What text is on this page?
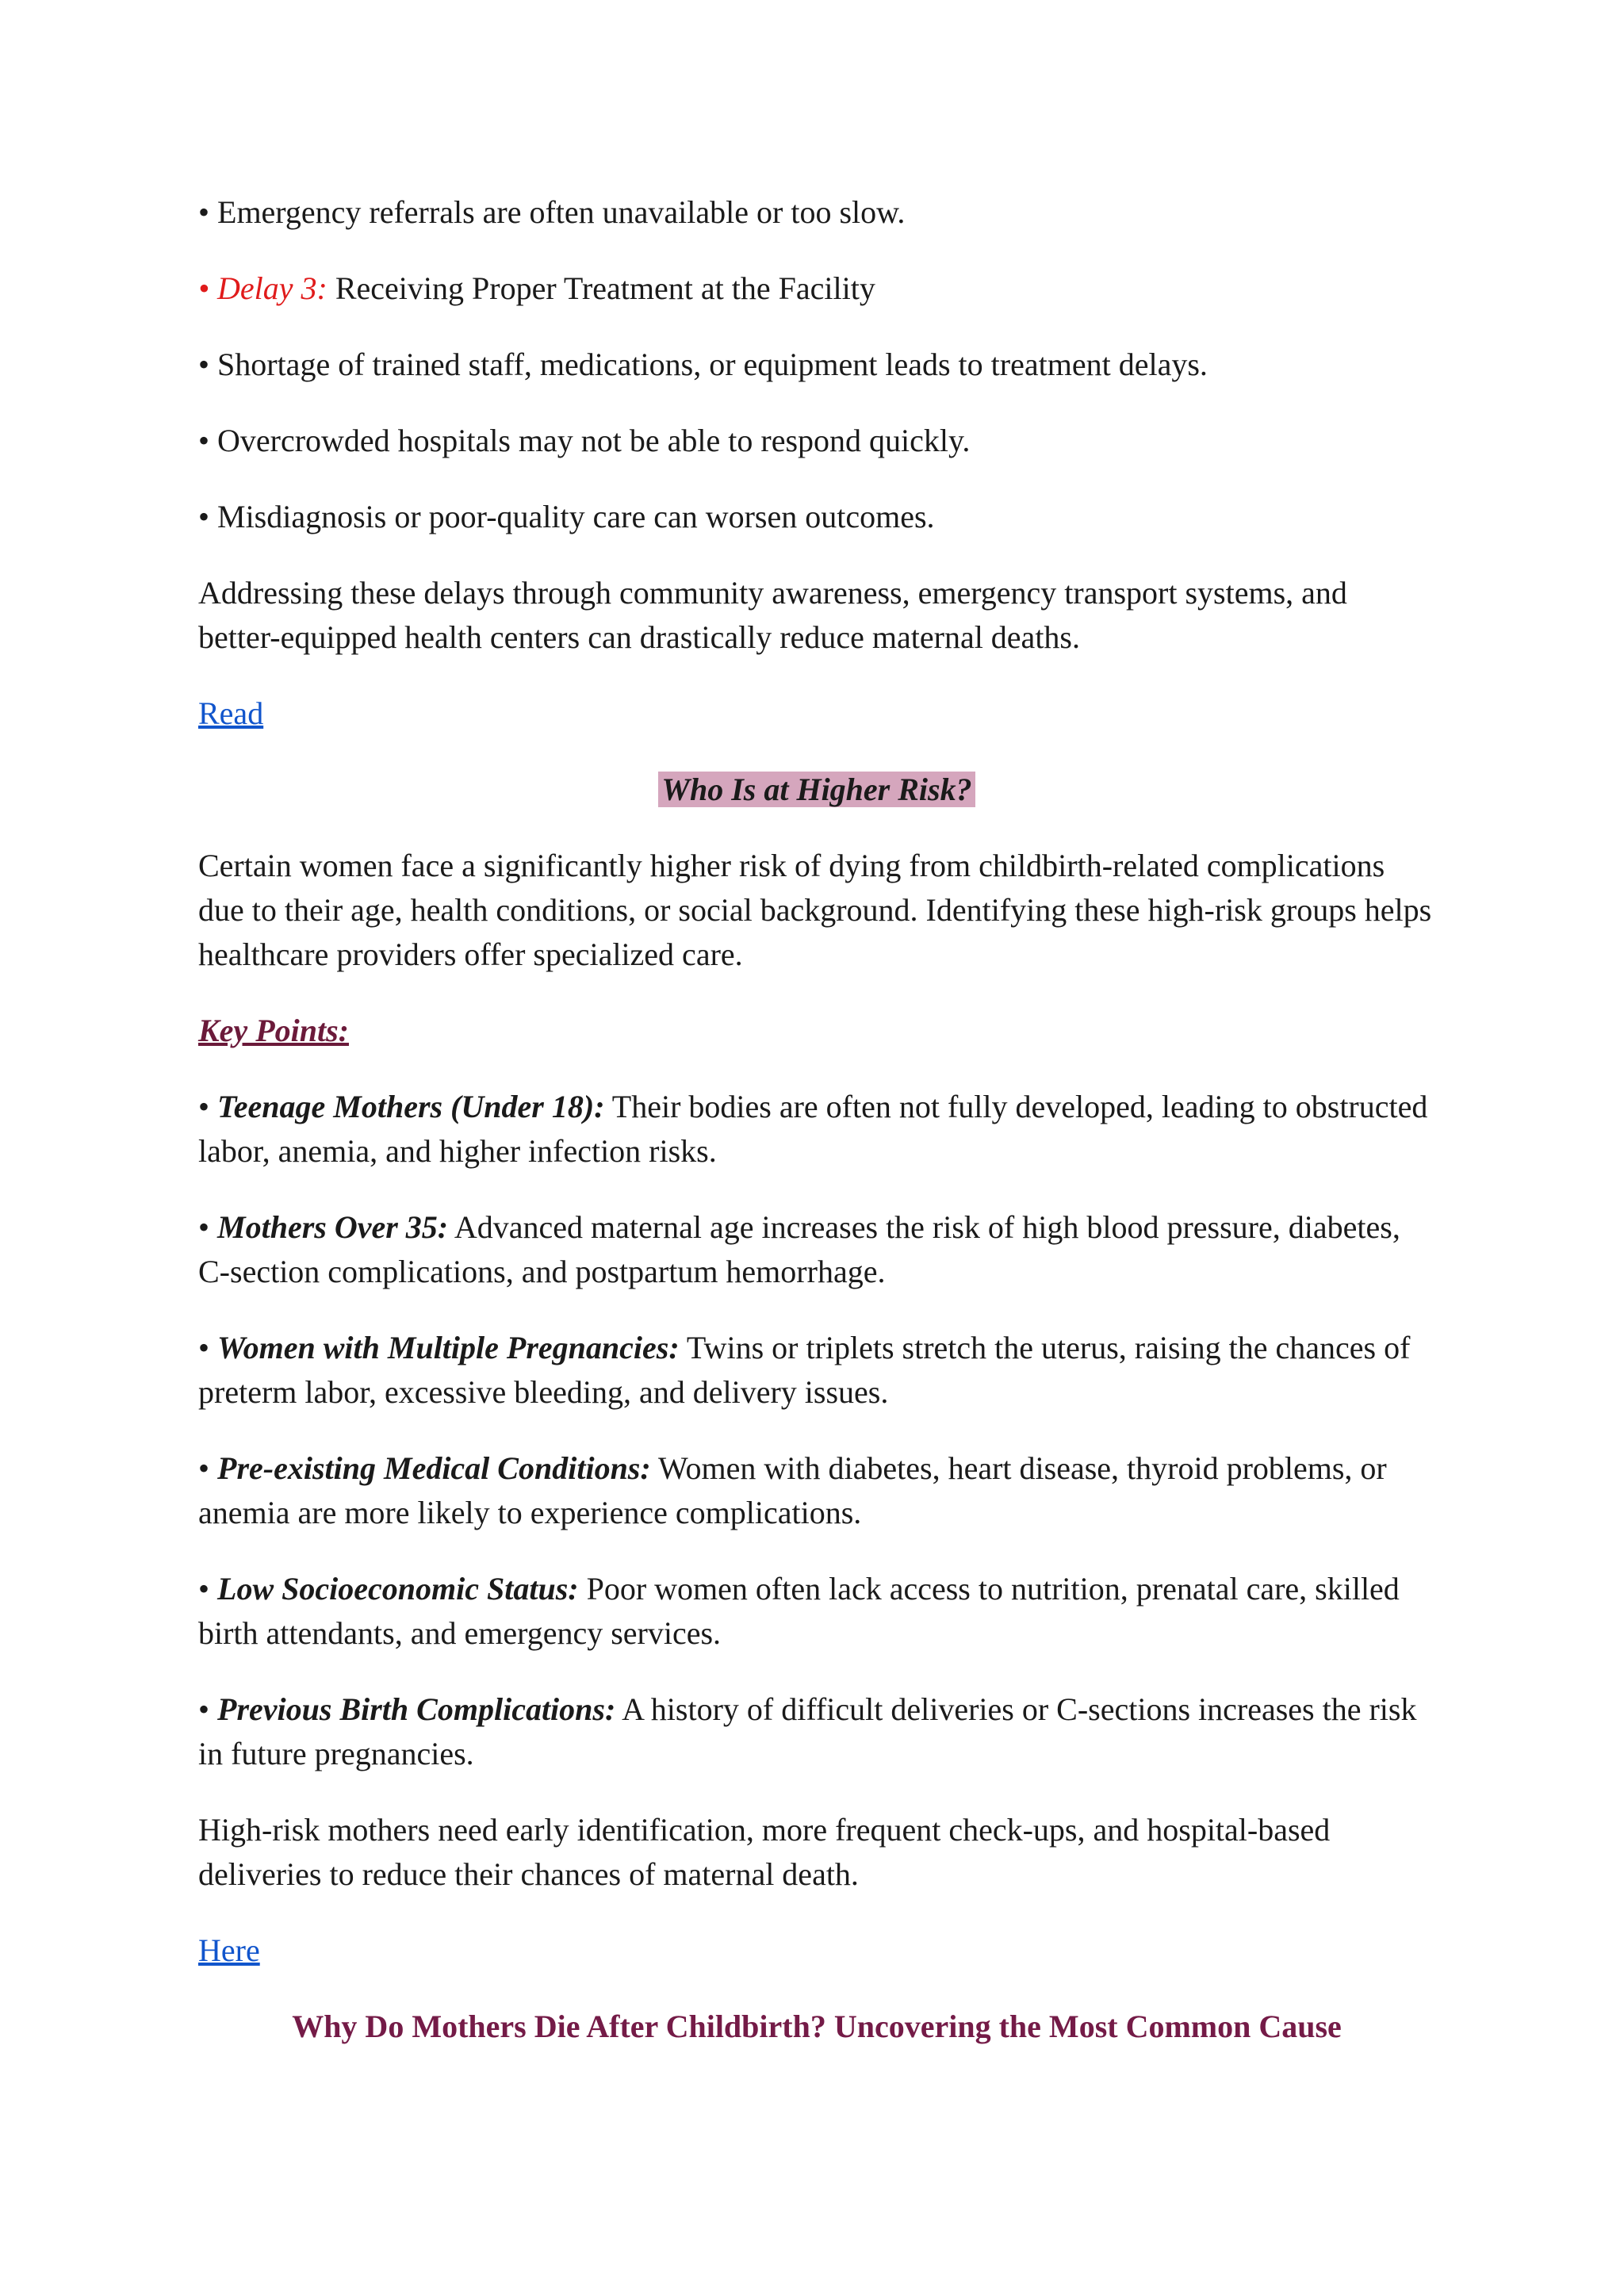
• Emergency referrals are often unavailable or too slow.

• Delay 3: Receiving Proper Treatment at the Facility

• Shortage of trained staff, medications, or equipment leads to treatment delays.

• Overcrowded hospitals may not be able to respond quickly.

• Misdiagnosis or poor-quality care can worsen outcomes.

Addressing these delays through community awareness, emergency transport systems, and better-equipped health centers can drastically reduce maternal deaths.

Read

Who Is at Higher Risk?

Certain women face a significantly higher risk of dying from childbirth-related complications due to their age, health conditions, or social background. Identifying these high-risk groups helps healthcare providers offer specialized care.

Key Points:

• Teenage Mothers (Under 18): Their bodies are often not fully developed, leading to obstructed labor, anemia, and higher infection risks.

• Mothers Over 35: Advanced maternal age increases the risk of high blood pressure, diabetes, C-section complications, and postpartum hemorrhage.

• Women with Multiple Pregnancies: Twins or triplets stretch the uterus, raising the chances of preterm labor, excessive bleeding, and delivery issues.

• Pre-existing Medical Conditions: Women with diabetes, heart disease, thyroid problems, or anemia are more likely to experience complications.

• Low Socioeconomic Status: Poor women often lack access to nutrition, prenatal care, skilled birth attendants, and emergency services.

• Previous Birth Complications: A history of difficult deliveries or C-sections increases the risk in future pregnancies.

High-risk mothers need early identification, more frequent check-ups, and hospital-based deliveries to reduce their chances of maternal death.

Here

Why Do Mothers Die After Childbirth? Uncovering the Most Common Cause
